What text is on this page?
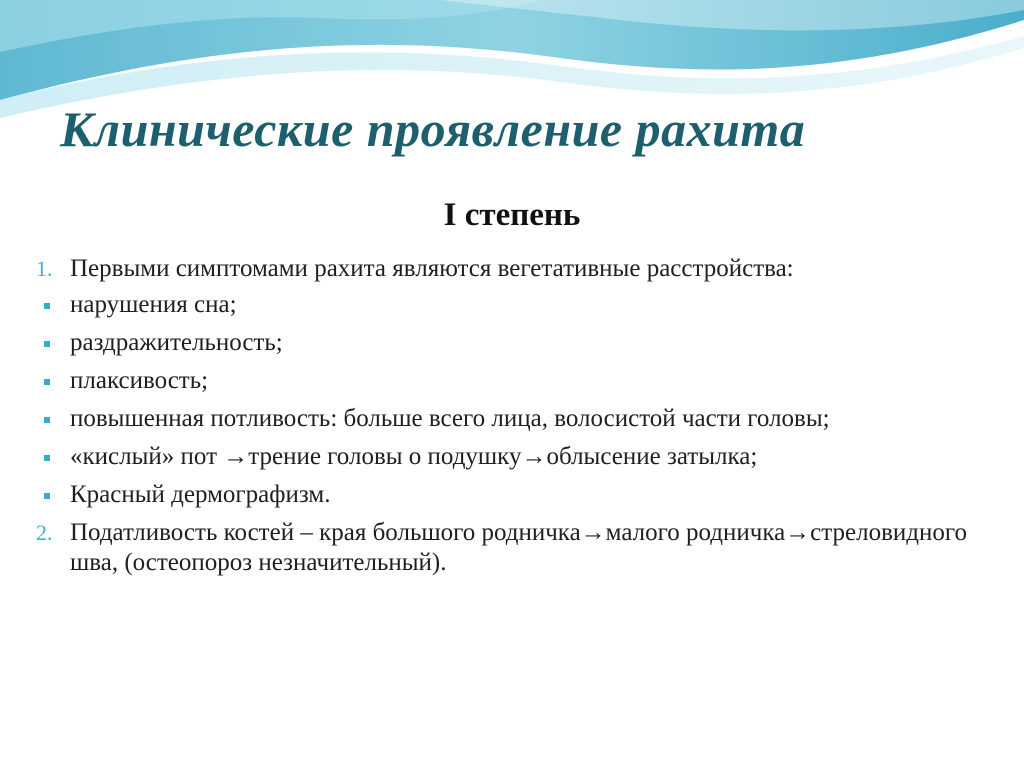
Клинические проявление рахита
I степень
1. Первыми симптомами рахита являются вегетативные расстройства:
нарушения сна;
раздражительность;
плаксивость;
повышенная потливость: больше всего лица, волосистой части головы;
«кислый» пот →трение головы о подушку→облысение затылка;
Красный дермографизм.
2. Податливость костей – края большого родничка→малого родничка→стреловидного шва, (остеопороз незначительный).
